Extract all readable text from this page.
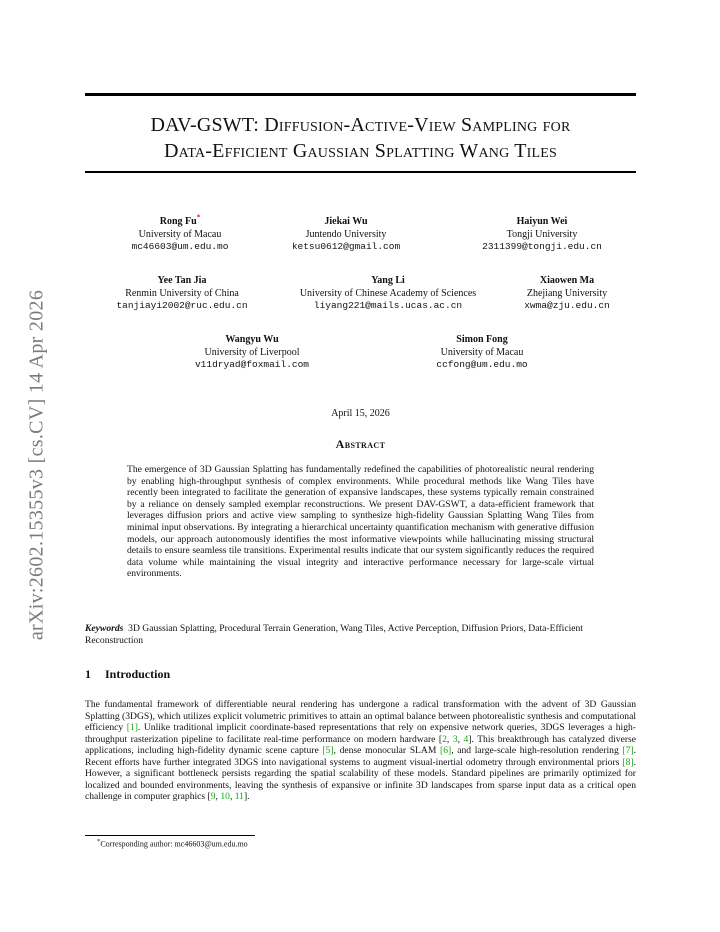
arXiv:2602.15355v3 [cs.CV] 14 Apr 2026
DAV-GSWT: Diffusion-Active-View Sampling for
Data-Efficient Gaussian Splatting Wang Tiles
Rong Fu*
University of Macau
mc46603@um.edu.mo
Jiekai Wu
Juntendo University
ketsu0612@gmail.com
Haiyun Wei
Tongji University
2311399@tongji.edu.cn
Yee Tan Jia
Renmin University of China
tanjiayi2002@ruc.edu.cn
Yang Li
University of Chinese Academy of Sciences
liyang221@mails.ucas.ac.cn
Xiaowen Ma
Zhejiang University
xwma@zju.edu.cn
Wangyu Wu
University of Liverpool
v11dryad@foxmail.com
Simon Fong
University of Macau
ccfong@um.edu.mo
April 15, 2026
Abstract
The emergence of 3D Gaussian Splatting has fundamentally redefined the capabilities of photorealistic neural rendering by enabling high-throughput synthesis of complex environments. While procedural methods like Wang Tiles have recently been integrated to facilitate the generation of expansive landscapes, these systems typically remain constrained by a reliance on densely sampled exemplar reconstructions. We present DAV-GSWT, a data-efficient framework that leverages diffusion priors and active view sampling to synthesize high-fidelity Gaussian Splatting Wang Tiles from minimal input observations. By integrating a hierarchical uncertainty quantification mechanism with generative diffusion models, our approach autonomously identifies the most informative viewpoints while hallucinating missing structural details to ensure seamless tile transitions. Experimental results indicate that our system significantly reduces the required data volume while maintaining the visual integrity and interactive performance necessary for large-scale virtual environments.
Keywords 3D Gaussian Splatting, Procedural Terrain Generation, Wang Tiles, Active Perception, Diffusion Priors, Data-Efficient Reconstruction
1 Introduction
The fundamental framework of differentiable neural rendering has undergone a radical transformation with the advent of 3D Gaussian Splatting (3DGS), which utilizes explicit volumetric primitives to attain an optimal balance between photorealistic synthesis and computational efficiency [1]. Unlike traditional implicit coordinate-based representations that rely on expensive network queries, 3DGS leverages a high-throughput rasterization pipeline to facilitate real-time performance on modern hardware [2, 3, 4]. This breakthrough has catalyzed diverse applications, including high-fidelity dynamic scene capture [5], dense monocular SLAM [6], and large-scale high-resolution rendering [7]. Recent efforts have further integrated 3DGS into navigational systems to augment visual-inertial odometry through environmental priors [8]. However, a significant bottleneck persists regarding the spatial scalability of these models. Standard pipelines are primarily optimized for localized and bounded environments, leaving the synthesis of expansive or infinite 3D landscapes from sparse input data as a critical open challenge in computer graphics [9, 10, 11].
*Corresponding author: mc46603@um.edu.mo
